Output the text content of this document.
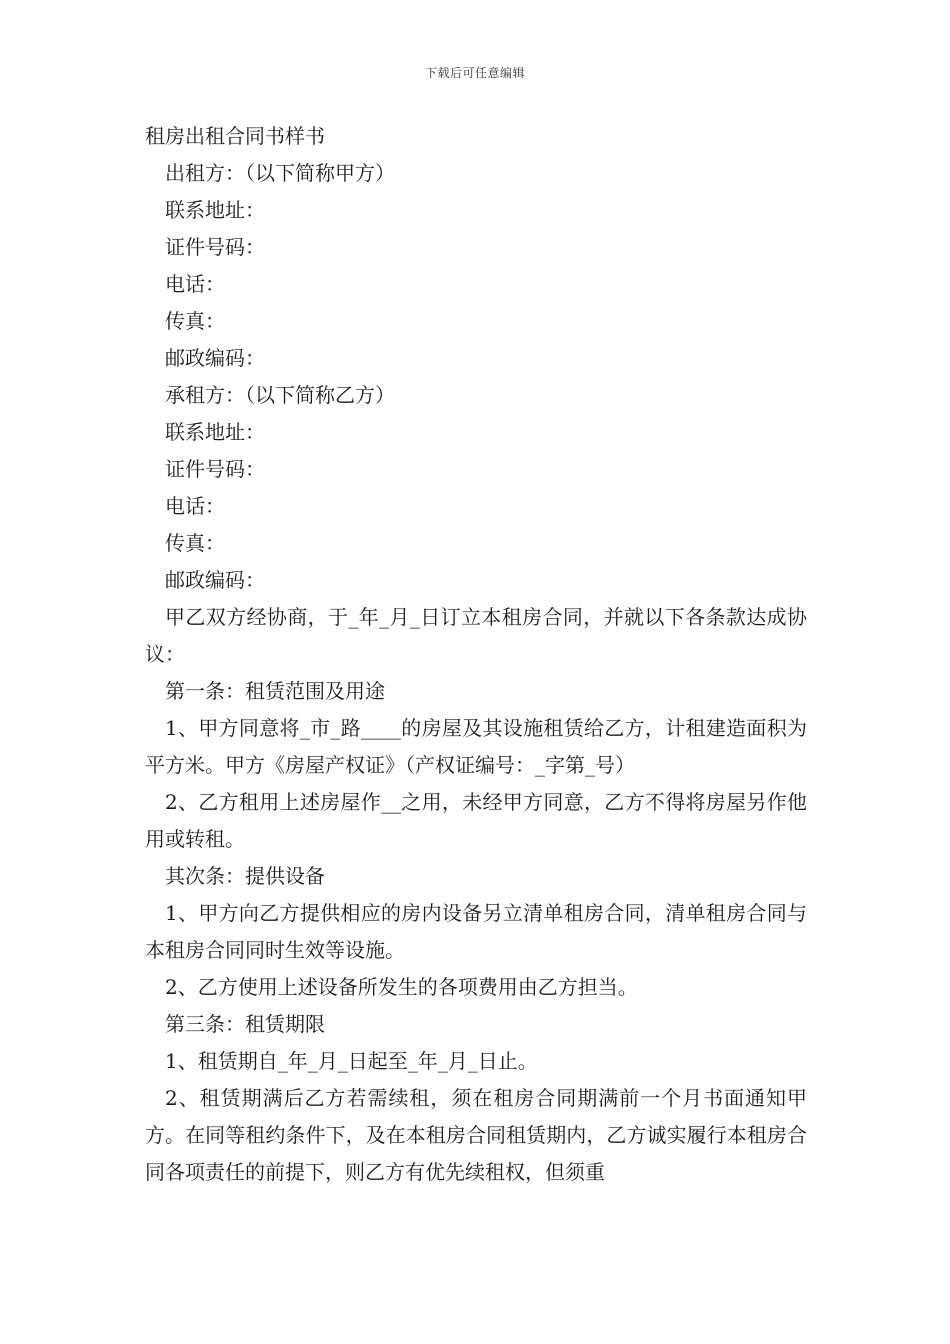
下载后可任意编辑

租房出租合同书样书

出租方：（以下简称甲方）

联系地址：

证件号码：

电话：

传真：

邮政编码：

承租方：（以下简称乙方）

联系地址：

证件号码：

电话：

传真：

邮政编码：

甲乙双方经协商，于_年_月_日订立本租房合同，并就以下各条款达成协议：

第一条：租赁范围及用途

1、甲方同意将_市_路____的房屋及其设施租赁给乙方，计租建造面积为平方米。甲方《房屋产权证》（产权证编号：_字第_号）

2、乙方租用上述房屋作__之用，未经甲方同意，乙方不得将房屋另作他用或转租。

其次条：提供设备

1、甲方向乙方提供相应的房内设备另立清单租房合同，清单租房合同与本租房合同同时生效等设施。

2、乙方使用上述设备所发生的各项费用由乙方担当。

第三条：租赁期限

1、租赁期自_年_月_日起至_年_月_日止。

2、租赁期满后乙方若需续租，须在租房合同期满前一个月书面通知甲方。在同等租约条件下，及在本租房合同租赁期内，乙方诚实履行本租房合同各项责任的前提下，则乙方有优先续租权，但须重
